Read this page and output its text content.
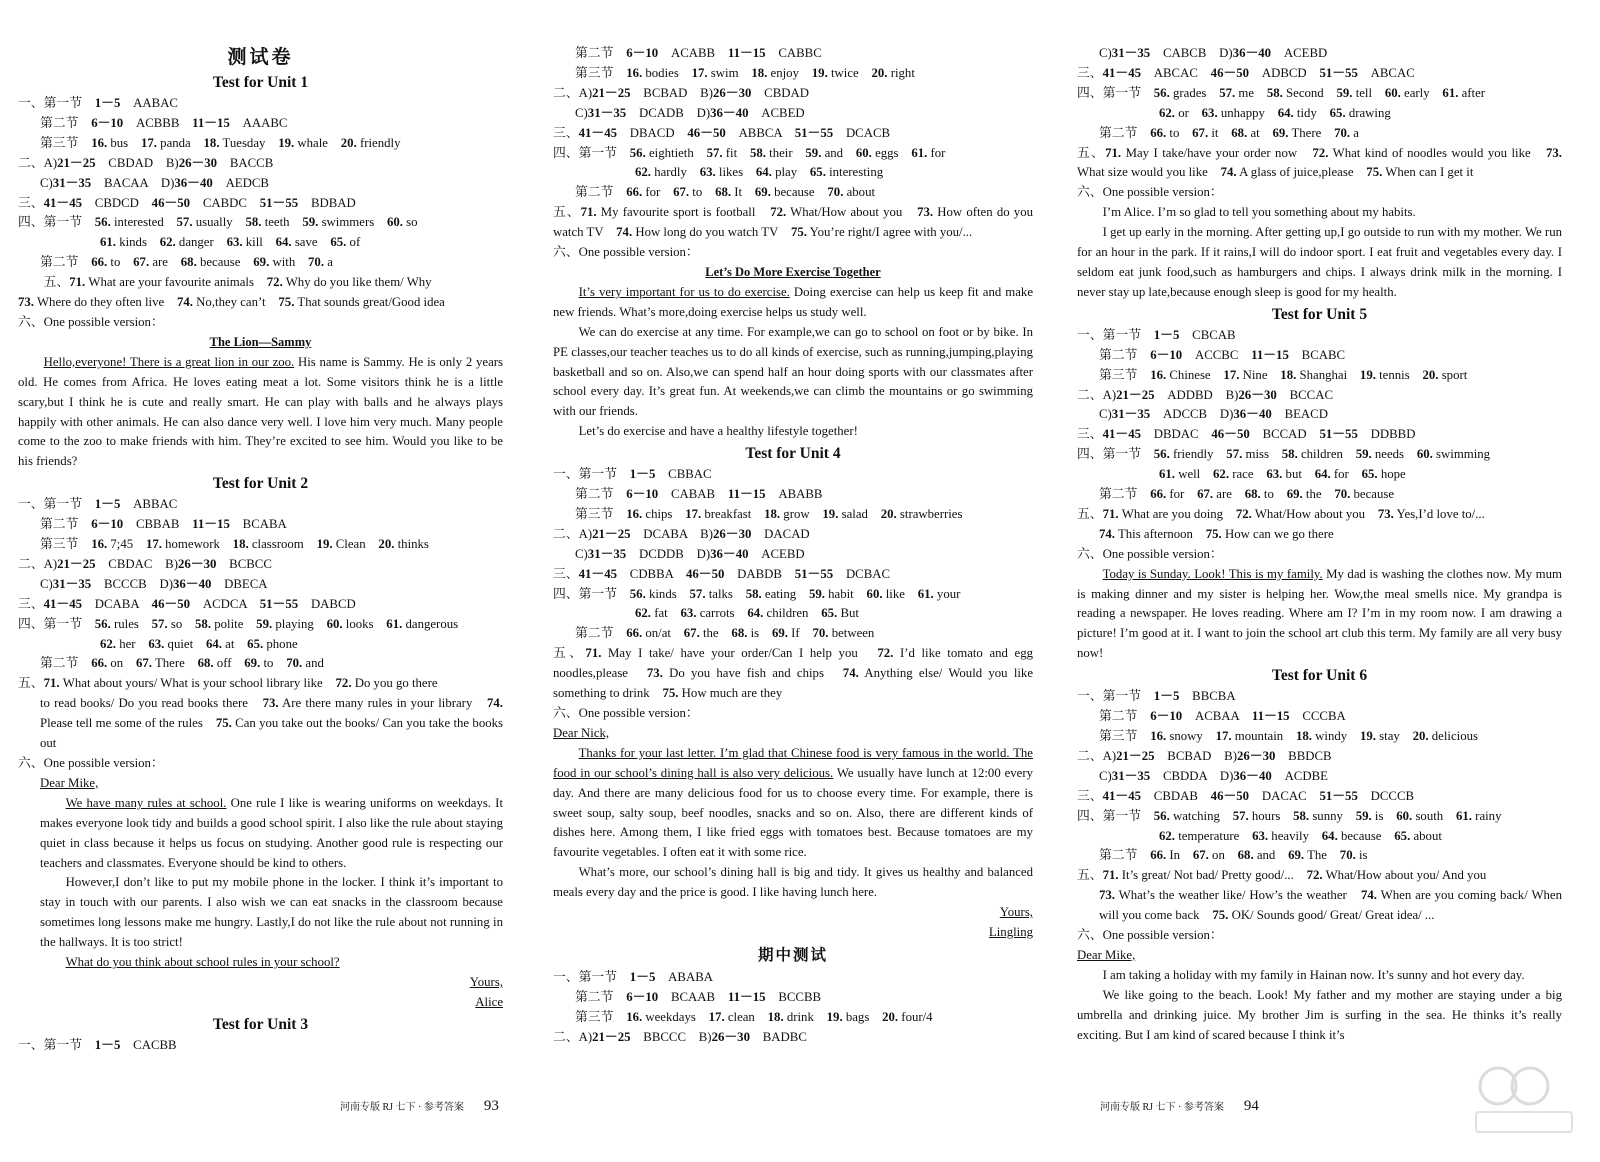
测试卷
Test for Unit 1
一、第一节　1－5　AABAC
第二节　6－10　ACBBB　11－15　AAABC
第三节　16. bus　17. panda　18. Tuesday　19. whale　20. friendly
二、A)21－25　CBDAD　B)26－30　BACCB
C)31－35　BACAA　D)36－40　AEDCB
三、41－45　CBDCD　46－50　CABDC　51－55　BDBAD
四、第一节　56. interested　57. usually　58. teeth　59. swimmers　60. so
61. kinds　62. danger　63. kill　64. save　65. of
第二节　66. to　67. are　68. because　69. with　70. a
五、71. What are your favourite animals　72. Why do you like them/ Why
73. Where do they often live　74. No,they can’t　75. That sounds great/Good idea
六、One possible version：
The Lion—Sammy
Hello,everyone! There is a great lion in our zoo. His name is Sammy. He is only 2 years old. He comes from Africa. He loves eating meat a lot. Some visitors think he is a little scary,but I think he is cute and really smart. He can play with balls and he always plays happily with other animals. He can also dance very well. I love him very much. Many people come to the zoo to make friends with him. They’re excited to see him. Would you like to be his friends?
Test for Unit 2
一、第一节　1－5　ABBAC
第二节　6－10　CBBAB　11－15　BCABA
第三节　16. 7;45　17. homework　18. classroom　19. Clean　20. thinks
二、A)21－25　CBDAC　B)26－30　BCBCC
C)31－35　BCCCB　D)36－40　DBECA
三、41－45　DCABA　46－50　ACDCA　51－55　DABCD
四、第一节　56. rules　57. so　58. polite　59. playing　60. looks　61. dangerous
62. her　63. quiet　64. at　65. phone
第二节　66. on　67. There　68. off　69. to　70. and
五、71. What about yours/ What is your school library like　72. Do you go there
to read books/ Do you read books there　73. Are there many rules in your library　74. Please tell me some of the rules　75. Can you take out the books/ Can you take the books out
六、One possible version：
Dear Mike,
We have many rules at school. One rule I like is wearing uniforms on weekdays. It makes everyone look tidy and builds a good school spirit. I also like the rule about staying quiet in class because it helps us focus on studying. Another good rule is respecting our teachers and classmates. Everyone should be kind to others.
However,I don’t like to put my mobile phone in the locker. I think it’s important to stay in touch with our parents. I also wish we can eat snacks in the classroom because sometimes long lessons make me hungry. Lastly,I do not like the rule about not running in the hallways. It is too strict!
What do you think about school rules in your school?
Yours,
Alice
Test for Unit 3
一、第一节　1－5　CACBB
河南专版 RJ 七下 · 参考答案 93
第二节　6－10　ACABB　11－15　CABBC
第三节　16. bodies　17. swim　18. enjoy　19. twice　20. right
二、A)21－25　BCBAD　B)26－30　CBDAD
C)31－35　DCADB　D)36－40　ACBED
三、41－45　DBACD　46－50　ABBCA　51－55　DCACB
四、第一节　56. eightieth　57. fit　58. their　59. and　60. eggs　61. for
62. hardly　63. likes　64. play　65. interesting
第二节　66. for　67. to　68. It　69. because　70. about
五、71. My favourite sport is football　72. What/How about you　73. How often do you watch TV　74. How long do you watch TV　75. You’re right/I agree with you/...
六、One possible version：
Let’s Do More Exercise Together
It’s very important for us to do exercise. Doing exercise can help us keep fit and make new friends. What’s more,doing exercise helps us study well.
We can do exercise at any time. For example,we can go to school on foot or by bike. In PE classes,our teacher teaches us to do all kinds of exercise, such as running,jumping,playing basketball and so on. Also,we can spend half an hour doing sports with our classmates after school every day. It’s great fun. At weekends,we can climb the mountains or go swimming with our friends.
Let’s do exercise and have a healthy lifestyle together!
Test for Unit 4
一、第一节　1－5　CBBAC
第二节　6－10　CABAB　11－15　ABABB
第三节　16. chips　17. breakfast　18. grow　19. salad　20. strawberries
二、A)21－25　DCABA　B)26－30　DACAD
C)31－35　DCDDB　D)36－40　ACEBD
三、41－45　CDBBA　46－50　DABDB　51－55　DCBAC
四、第一节　56. kinds　57. talks　58. eating　59. habit　60. like　61. your
62. fat　63. carrots　64. children　65. But
第二节　66. on/at　67. the　68. is　69. If　70. between
五、71. May I take/ have your order/Can I help you　72. I’d like tomato and egg noodles,please　73. Do you have fish and chips　74. Anything else/ Would you like something to drink　75. How much are they
六、One possible version：
Dear Nick,
Thanks for your last letter. I’m glad that Chinese food is very famous in the world. The food in our school’s dining hall is also very delicious. We usually have lunch at 12:00 every day. And there are many delicious food for us to choose every time. For example, there is sweet soup, salty soup, beef noodles, snacks and so on. Also, there are different kinds of dishes here. Among them, I like fried eggs with tomatoes best. Because tomatoes are my favourite vegetables. I often eat it with some rice.
What’s more, our school’s dining hall is big and tidy. It gives us healthy and balanced meals every day and the price is good. I like having lunch here.
Yours,
Lingling
期中测试
一、第一节　1－5　ABABA
第二节　6－10　BCAAB　11－15　BCCBB
第三节　16. weekdays　17. clean　18. drink　19. bags　20. four/4
二、A)21－25　BBCCC　B)26－30　BADBC
C)31－35　CABCB　D)36－40　ACEBD
三、41－45　ABCAC　46－50　ADBCD　51－55　ABCAC
四、第一节　56. grades　57. me　58. Second　59. tell　60. early　61. after
62. or　63. unhappy　64. tidy　65. drawing
第二节　66. to　67. it　68. at　69. There　70. a
五、71. May I take/have your order now　72. What kind of noodles would you like　73. What size would you like　74. A glass of juice,please　75. When can I get it
六、One possible version：
I’m Alice. I’m so glad to tell you something about my habits.
I get up early in the morning. After getting up,I go outside to run with my mother. We run for an hour in the park. If it rains,I will do indoor sport. I eat fruit and vegetables every day. I seldom eat junk food,such as hamburgers and chips. I always drink milk in the morning. I never stay up late,because enough sleep is good for my health.
Test for Unit 5
一、第一节　1－5　CBCAB
第二节　6－10　ACCBC　11－15　BCABC
第三节　16. Chinese　17. Nine　18. Shanghai　19. tennis　20. sport
二、A)21－25　ADDBD　B)26－30　BCCAC
C)31－35　ADCCB　D)36－40　BEACD
三、41－45　DBDAC　46－50　BCCAD　51－55　DDBBD
四、第一节　56. friendly　57. miss　58. children　59. needs　60. swimming
61. well　62. race　63. but　64. for　65. hope
第二节　66. for　67. are　68. to　69. the　70. because
五、71. What are you doing　72. What/How about you　73. Yes,I’d love to/...
74. This afternoon　75. How can we go there
六、One possible version：
Today is Sunday. Look! This is my family. My dad is washing the clothes now. My mum is making dinner and my sister is helping her. Wow,the meal smells nice. My grandpa is reading a newspaper. He loves reading. Where am I? I’m in my room now. I am drawing a picture! I’m good at it. I want to join the school art club this term. My family are all very busy now!
Test for Unit 6
一、第一节　1－5　BBCBA
第二节　6－10　ACBAA　11－15　CCCBA
第三节　16. snowy　17. mountain　18. windy　19. stay　20. delicious
二、A)21－25　BCBAD　B)26－30　BBDCB
C)31－35　CBDDA　D)36－40　ACDBE
三、41－45　CBDAB　46－50　DACAC　51－55　DCCCB
四、第一节　56. watching　57. hours　58. sunny　59. is　60. south　61. rainy
62. temperature　63. heavily　64. because　65. about
第二节　66. In　67. on　68. and　69. The　70. is
五、71. It’s great/ Not bad/ Pretty good/...　72. What/How about you/ And you
73. What’s the weather like/ How’s the weather　74. When are you coming back/ When will you come back　75. OK/ Sounds good/ Great/ Great idea/ ...
六、One possible version：
Dear Mike,
I am taking a holiday with my family in Hainan now. It’s sunny and hot every day.
We like going to the beach. Look! My father and my mother are staying under a big umbrella and drinking juice. My brother Jim is surfing in the sea. He thinks it’s really exciting. But I am kind of scared because I think it’s
河南专版 RJ 七下 · 参考答案 94
